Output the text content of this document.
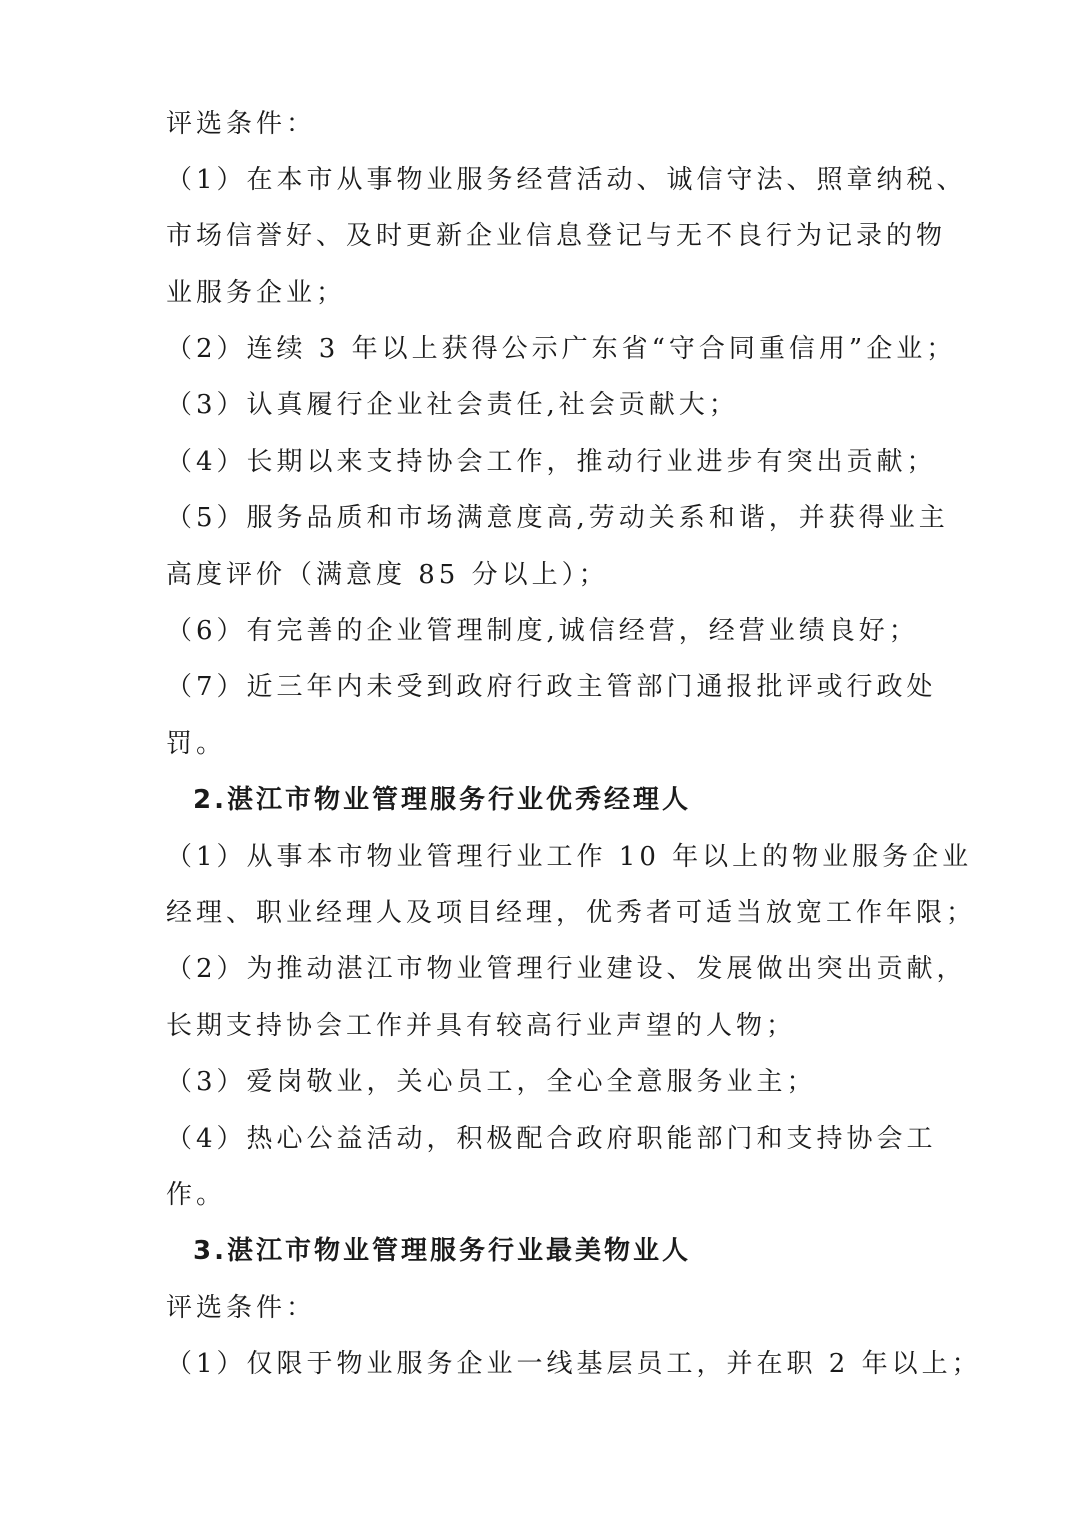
评选条件：
（1）在本市从事物业服务经营活动、诚信守法、照章纳税、
市场信誉好、及时更新企业信息登记与无不良行为记录的物
业服务企业；
（2）连续 3 年以上获得公示广东省“守合同重信用”企业；
（3）认真履行企业社会责任,社会贡献大；
（4）长期以来支持协会工作，推动行业进步有突出贡献；
（5）服务品质和市场满意度高,劳动关系和谐，并获得业主
高度评价（满意度 85 分以上）；
（6）有完善的企业管理制度,诚信经营，经营业绩良好；
（7）近三年内未受到政府行政主管部门通报批评或行政处
罚。
2.湛江市物业管理服务行业优秀经理人
（1）从事本市物业管理行业工作 10 年以上的物业服务企业
经理、职业经理人及项目经理，优秀者可适当放宽工作年限；
（2）为推动湛江市物业管理行业建设、发展做出突出贡献，
长期支持协会工作并具有较高行业声望的人物；
（3）爱岗敬业，关心员工，全心全意服务业主；
（4）热心公益活动，积极配合政府职能部门和支持协会工
作。
3.湛江市物业管理服务行业最美物业人
评选条件：
（1）仅限于物业服务企业一线基层员工，并在职 2 年以上；
